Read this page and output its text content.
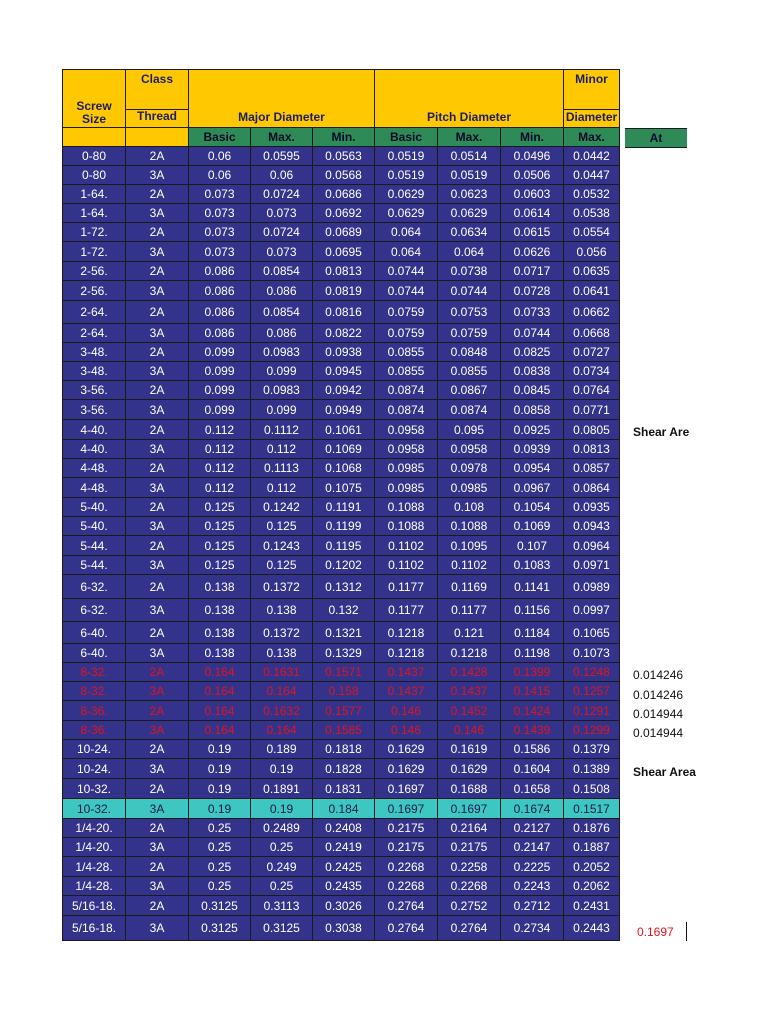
Screw Size	Class	Major Diameter			Pitch Diameter			Minor
	Thread							Diameter
		Basic	Max.	Min.	Basic	Max.	Min.	Max.
0-80	2A	0.06	0.0595	0.0563	0.0519	0.0514	0.0496	0.0442
0-80	3A	0.06	0.06	0.0568	0.0519	0.0519	0.0506	0.0447
1-64.	2A	0.073	0.0724	0.0686	0.0629	0.0623	0.0603	0.0532
1-64.	3A	0.073	0.073	0.0692	0.0629	0.0629	0.0614	0.0538
1-72.	2A	0.073	0.0724	0.0689	0.064	0.0634	0.0615	0.0554
1-72.	3A	0.073	0.073	0.0695	0.064	0.064	0.0626	0.056
2-56.	2A	0.086	0.0854	0.0813	0.0744	0.0738	0.0717	0.0635
2-56.	3A	0.086	0.086	0.0819	0.0744	0.0744	0.0728	0.0641
2-64.	2A	0.086	0.0854	0.0816	0.0759	0.0753	0.0733	0.0662
2-64.	3A	0.086	0.086	0.0822	0.0759	0.0759	0.0744	0.0668
3-48.	2A	0.099	0.0983	0.0938	0.0855	0.0848	0.0825	0.0727
3-48.	3A	0.099	0.099	0.0945	0.0855	0.0855	0.0838	0.0734
3-56.	2A	0.099	0.0983	0.0942	0.0874	0.0867	0.0845	0.0764
3-56.	3A	0.099	0.099	0.0949	0.0874	0.0874	0.0858	0.0771
4-40.	2A	0.112	0.1112	0.1061	0.0958	0.095	0.0925	0.0805
4-40.	3A	0.112	0.112	0.1069	0.0958	0.0958	0.0939	0.0813
4-48.	2A	0.112	0.1113	0.1068	0.0985	0.0978	0.0954	0.0857
4-48.	3A	0.112	0.112	0.1075	0.0985	0.0985	0.0967	0.0864
5-40.	2A	0.125	0.1242	0.1191	0.1088	0.108	0.1054	0.0935
5-40.	3A	0.125	0.125	0.1199	0.1088	0.1088	0.1069	0.0943
5-44.	2A	0.125	0.1243	0.1195	0.1102	0.1095	0.107	0.0964
5-44.	3A	0.125	0.125	0.1202	0.1102	0.1102	0.1083	0.0971
6-32.	2A	0.138	0.1372	0.1312	0.1177	0.1169	0.1141	0.0989
6-32.	3A	0.138	0.138	0.132	0.1177	0.1177	0.1156	0.0997
6-40.	2A	0.138	0.1372	0.1321	0.1218	0.121	0.1184	0.1065
6-40.	3A	0.138	0.138	0.1329	0.1218	0.1218	0.1198	0.1073
8-32.	2A	0.164	0.1631	0.1571	0.1437	0.1428	0.1399	0.1248
8-32.	3A	0.164	0.164	0.158	0.1437	0.1437	0.1415	0.1257
8-36.	2A	0.164	0.1632	0.1577	0.146	0.1452	0.1424	0.1291
8-36.	3A	0.164	0.164	0.1585	0.146	0.146	0.1439	0.1299
10-24.	2A	0.19	0.189	0.1818	0.1629	0.1619	0.1586	0.1379
10-24.	3A	0.19	0.19	0.1828	0.1629	0.1629	0.1604	0.1389
10-32.	2A	0.19	0.1891	0.1831	0.1697	0.1688	0.1658	0.1508
10-32.	3A	0.19	0.19	0.184	0.1697	0.1697	0.1674	0.1517
1/4-20.	2A	0.25	0.2489	0.2408	0.2175	0.2164	0.2127	0.1876
1/4-20.	3A	0.25	0.25	0.2419	0.2175	0.2175	0.2147	0.1887
1/4-28.	2A	0.25	0.249	0.2425	0.2268	0.2258	0.2225	0.2052
1/4-28.	3A	0.25	0.25	0.2435	0.2268	0.2268	0.2243	0.2062
5/16-18.	2A	0.3125	0.3113	0.3026	0.2764	0.2752	0.2712	0.2431
5/16-18.	3A	0.3125	0.3125	0.3038	0.2764	0.2764	0.2734	0.2443
At
Shear Are
0.014246
0.014246
0.014944
0.014944
Shear Area
0.1697
